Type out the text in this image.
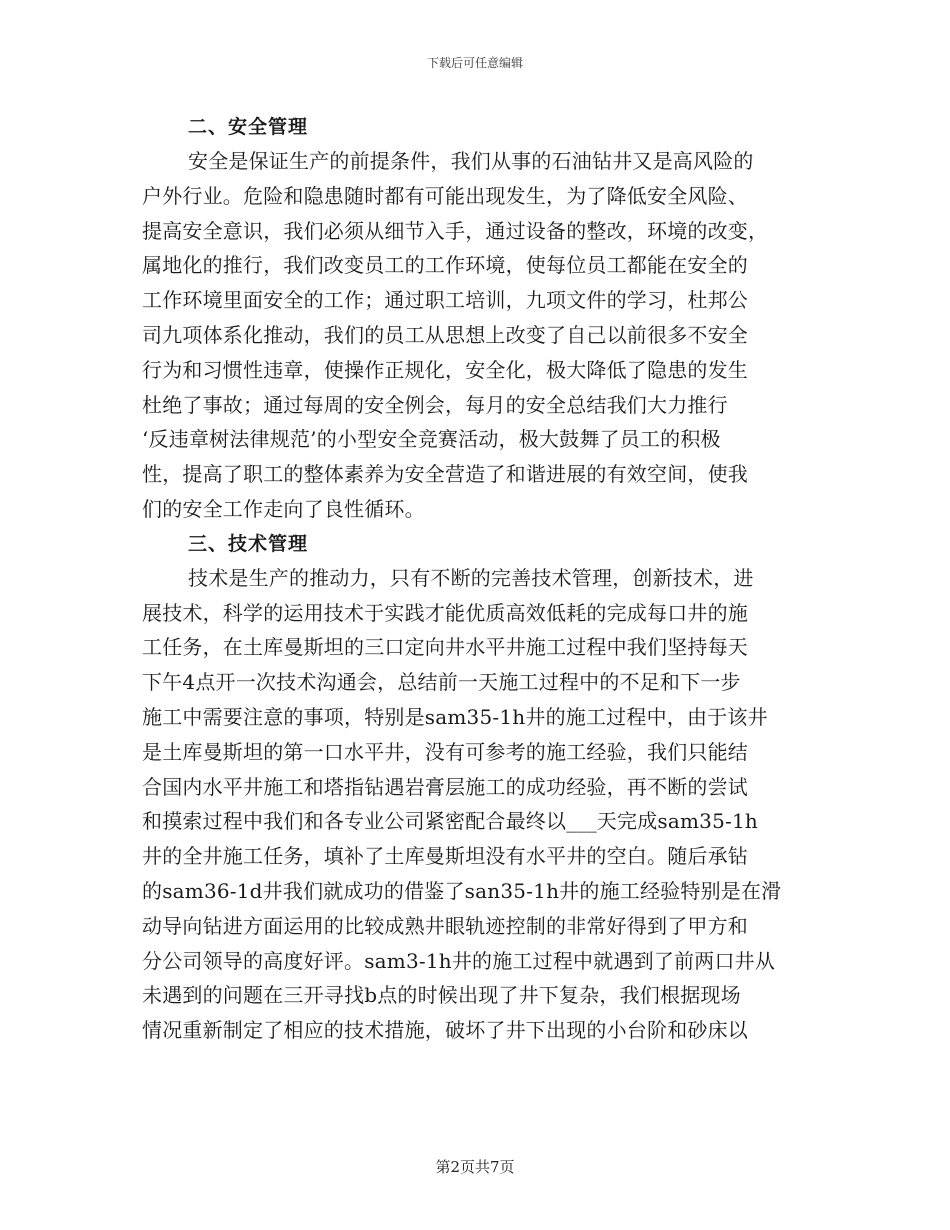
下载后可任意编辑
二、安全管理

安全是保证生产的前提条件，我们从事的石油钻井又是高风险的
户外行业。危险和隐患随时都有可能出现发生，为了降低安全风险、
提高安全意识，我们必须从细节入手，通过设备的整改，环境的改变，
属地化的推行，我们改变员工的工作环境，使每位员工都能在安全的
工作环境里面安全的工作；通过职工培训，九项文件的学习，杜邦公
司九项体系化推动，我们的员工从思想上改变了自己以前很多不安全
行为和习惯性违章，使操作正规化，安全化，极大降低了隐患的发生
杜绝了事故；通过每周的安全例会，每月的安全总结我们大力推行
‘反违章树法律规范’的小型安全竞赛活动，极大鼓舞了员工的积极
性，提高了职工的整体素养为安全营造了和谐进展的有效空间，使我
们的安全工作走向了良性循环。

三、技术管理

技术是生产的推动力，只有不断的完善技术管理，创新技术，进
展技术，科学的运用技术于实践才能优质高效低耗的完成每口井的施
工任务，在土库曼斯坦的三口定向井水平井施工过程中我们坚持每天
下午4点开一次技术沟通会，总结前一天施工过程中的不足和下一步
施工中需要注意的事项，特别是sam35-1h井的施工过程中，由于该井
是土库曼斯坦的第一口水平井，没有可参考的施工经验，我们只能结
合国内水平井施工和塔指钻遇岩膏层施工的成功经验，再不断的尝试
和摸索过程中我们和各专业公司紧密配合最终以___天完成sam35-1h
井的全井施工任务，填补了土库曼斯坦没有水平井的空白。随后承钻
的sam36-1d井我们就成功的借鉴了san35-1h井的施工经验特别是在滑
动导向钻进方面运用的比较成熟井眼轨迹控制的非常好得到了甲方和
分公司领导的高度好评。sam3-1h井的施工过程中就遇到了前两口井从
未遇到的问题在三开寻找b点的时候出现了井下复杂，我们根据现场
情况重新制定了相应的技术措施，破坏了井下出现的小台阶和砂床以

第2页共7页
